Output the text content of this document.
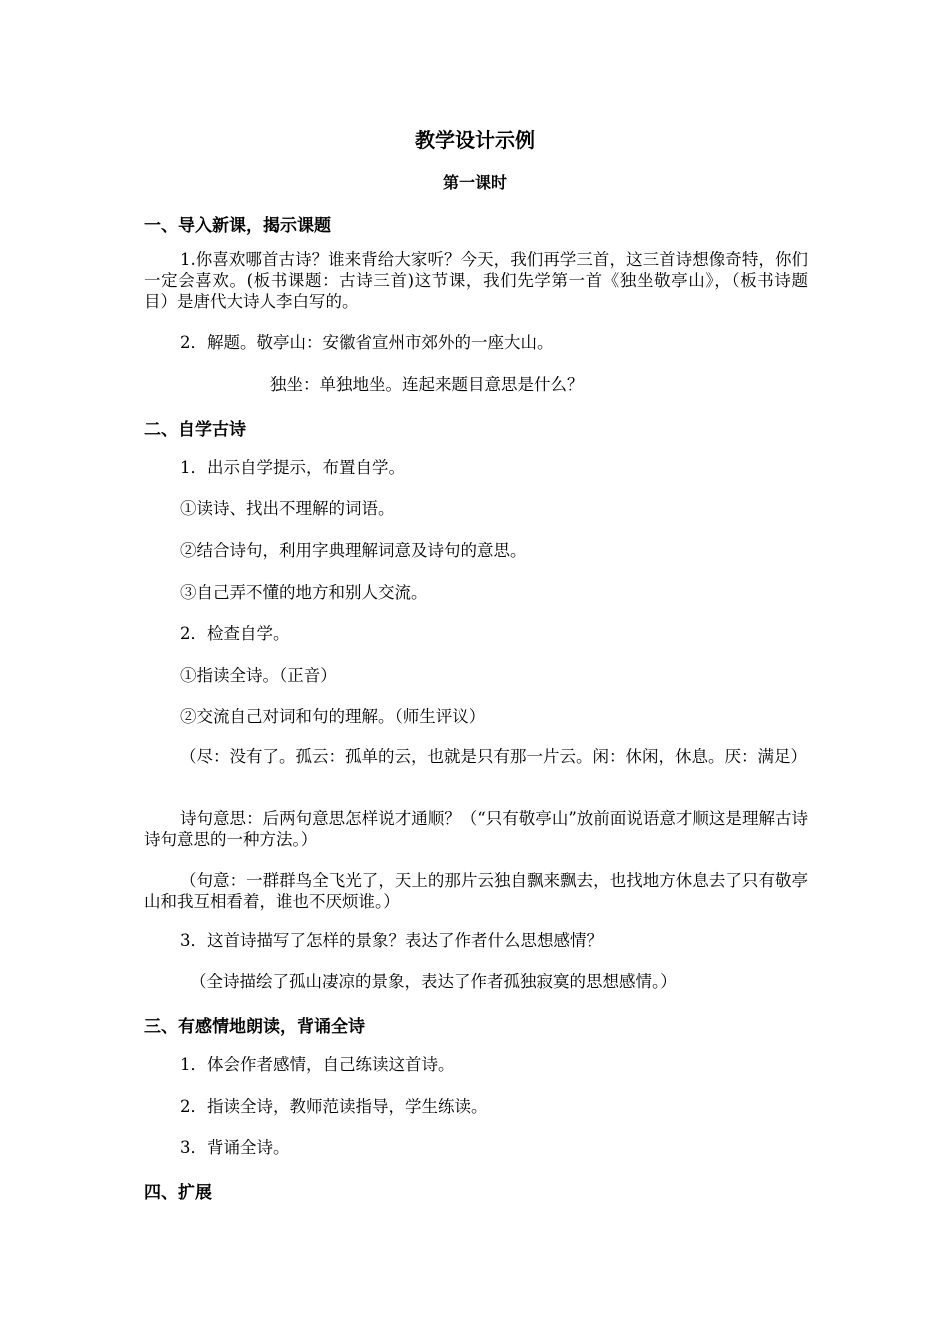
教学设计示例
第一课时
一、导入新课，揭示课题
1.你喜欢哪首古诗？谁来背给大家听？今天，我们再学三首，这三首诗想像奇特，你们一定会喜欢。(板书课题：古诗三首)这节课，我们先学第一首《独坐敬亭山》，（板书诗题目）是唐代大诗人李白写的。
2．解题。敬亭山：安徽省宣州市郊外的一座大山。
独坐：单独地坐。连起来题目意思是什么？
二、自学古诗
1．出示自学提示，布置自学。
①读诗、找出不理解的词语。
②结合诗句，利用字典理解词意及诗句的意思。
③自己弄不懂的地方和别人交流。
2．检查自学。
①指读全诗。（正音）
②交流自己对词和句的理解。（师生评议）
（尽：没有了。孤云：孤单的云，也就是只有那一片云。闲：休闲，休息。厌：满足）
诗句意思：后两句意思怎样说才通顺？（“只有敬亭山”放前面说语意才顺这是理解古诗诗句意思的一种方法。）
（句意：一群群鸟全飞光了，天上的那片云独自飘来飘去，也找地方休息去了只有敬亭山和我互相看着，谁也不厌烦谁。）
3．这首诗描写了怎样的景象？表达了作者什么思想感情？
（全诗描绘了孤山凄凉的景象，表达了作者孤独寂寞的思想感情。）
三、有感情地朗读，背诵全诗
1．体会作者感情，自己练读这首诗。
2．指读全诗，教师范读指导，学生练读。
3．背诵全诗。
四、扩展
